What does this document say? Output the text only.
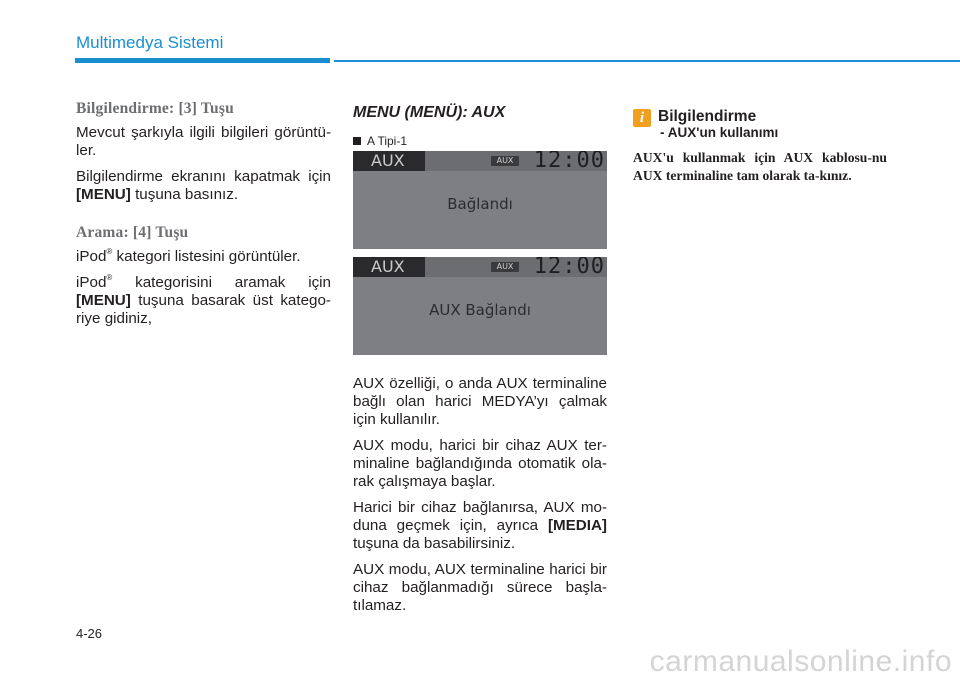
Multimedya Sistemi
Bilgilendirme: [3] Tuşu

Mevcut şarkıyla ilgili bilgileri görüntü-ler.

Bilgilendirme ekranını kapatmak için [MENU] tuşuna basınız.

Arama: [4] Tuşu

iPod® kategori listesini görüntüler.

iPod® kategorisini aramak için [MENU] tuşuna basarak üst katego-riye gidiniz,

MENU (MENÜ): AUX
A Tipi-1
AUX	AUX 12:00
Bağlandı
AUX	AUX 12:00
AUX Bağlandı

AUX özelliği, o anda AUX terminaline bağlı olan harici MEDYA’yı çalmak için kullanılır.

AUX modu, harici bir cihaz AUX ter-minaline bağlandığında otomatik ola-rak çalışmaya başlar.

Harici bir cihaz bağlanırsa, AUX mo-duna geçmek için, ayrıca [MEDIA] tuşuna da basabilirsiniz.

AUX modu, AUX terminaline harici bir cihaz bağlanmadığı sürece başla-tılamaz.

i Bilgilendirme
- AUX'un kullanımı

AUX'u kullanmak için AUX kablosu-nu AUX terminaline tam olarak ta-kınız.

4-26
carmanualsonline.info
